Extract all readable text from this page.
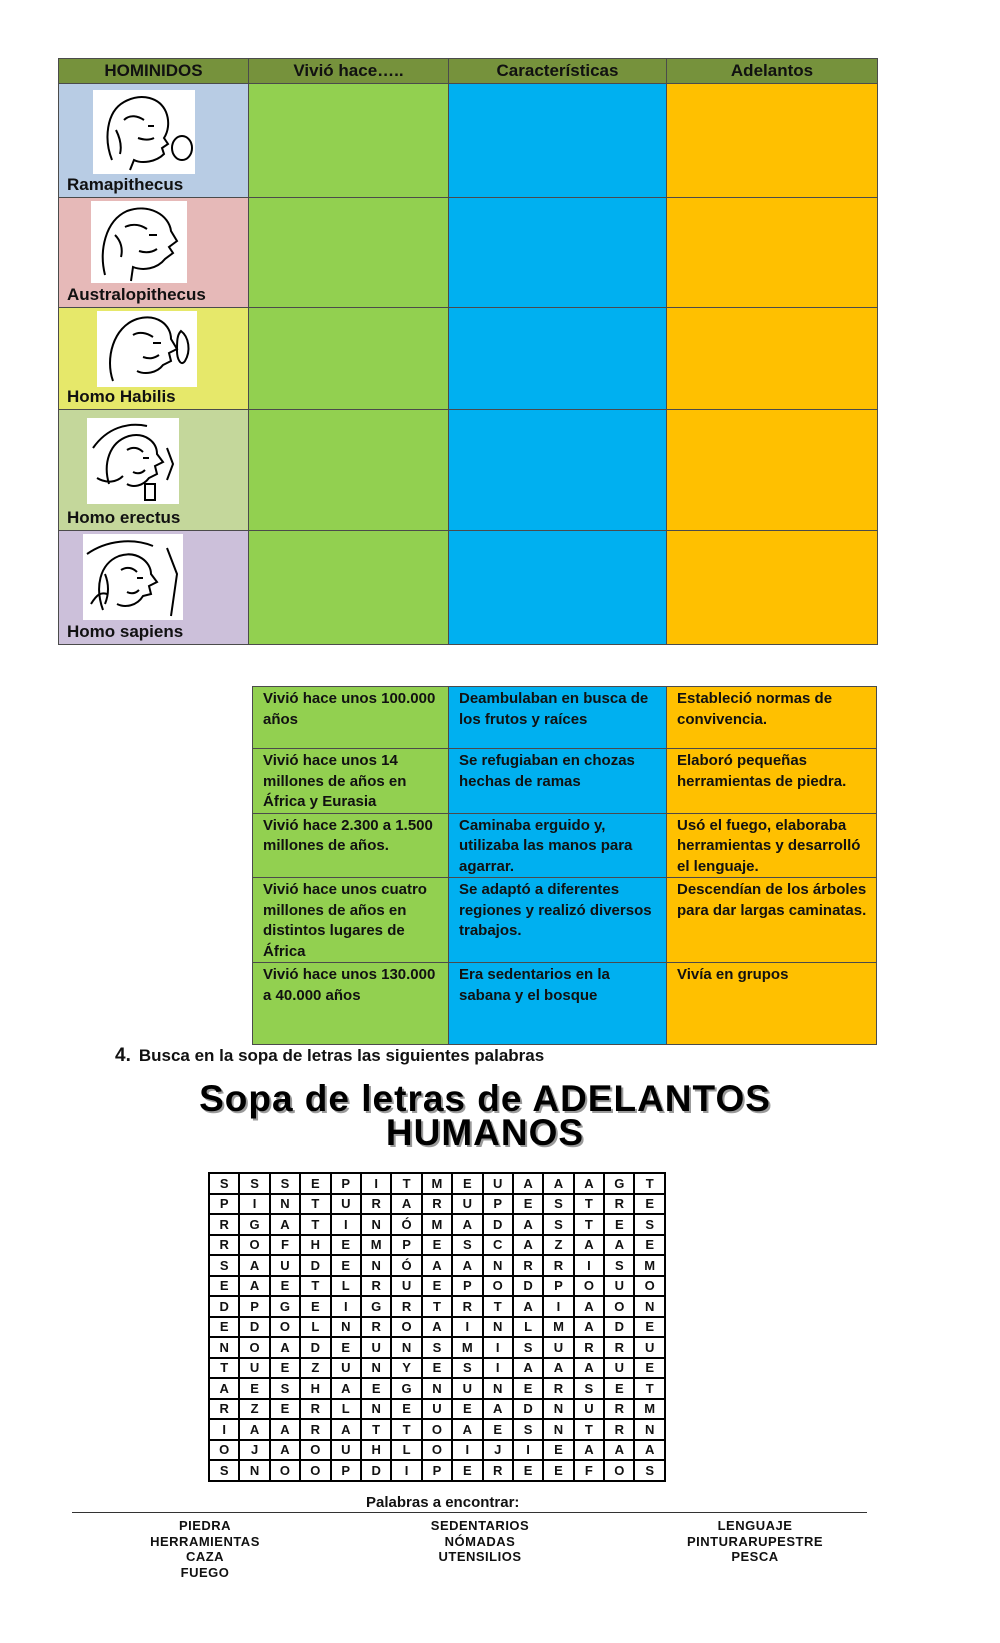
HOMINIDOS	Vivió hace…..	Características	Adelantos

Ramapithecus			

Australopithecus			

Homo Habilis			

Homo erectus			

Homo sapiens			

Vivió hace unos 100.000 años	Deambulaban en busca de los frutos y raíces	Estableció normas de convivencia.
Vivió hace unos 14 millones de años en África y Eurasia	Se refugiaban en chozas hechas de ramas	Elaboró pequeñas herramientas de piedra.
Vivió hace 2.300 a 1.500 millones de años.	Caminaba erguido y, utilizaba las manos para agarrar.	Usó el fuego, elaboraba herramientas y desarrolló el lenguaje.
Vivió hace unos cuatro millones de años en distintos lugares de África	Se adaptó a diferentes regiones y realizó diversos trabajos.	Descendían de los árboles para dar largas caminatas.
Vivió hace unos 130.000 a 40.000 años	Era sedentarios en la sabana y el bosque	Vivía en grupos
4. Busca en la sopa de letras las siguientes palabras
Sopa de letras de ADELANTOS
HUMANOS
S	S	S	E	P	I	T	M	E	U	A	A	A	G	T
P	I	N	T	U	R	A	R	U	P	E	S	T	R	E
R	G	A	T	I	N	Ó	M	A	D	A	S	T	E	S
R	O	F	H	E	M	P	E	S	C	A	Z	A	A	E
S	A	U	D	E	N	Ó	A	A	N	R	R	I	S	M
E	A	E	T	L	R	U	E	P	O	D	P	O	U	O
D	P	G	E	I	G	R	T	R	T	A	I	A	O	N
E	D	O	L	N	R	O	A	I	N	L	M	A	D	E
N	O	A	D	E	U	N	S	M	I	S	U	R	R	U
T	U	E	Z	U	N	Y	E	S	I	A	A	A	U	E
A	E	S	H	A	E	G	N	U	N	E	R	S	E	T
R	Z	E	R	L	N	E	U	E	A	D	N	U	R	M
I	A	A	R	A	T	T	O	A	E	S	N	T	R	N
O	J	A	O	U	H	L	O	I	J	I	E	A	A	A
S	N	O	O	P	D	I	P	E	R	E	E	F	O	S
Palabras a encontrar:
PIEDRA
HERRAMIENTAS
CAZA
FUEGO
SEDENTARIOS
NÓMADAS
UTENSILIOS
LENGUAJE
PINTURARUPESTRE
PESCA
